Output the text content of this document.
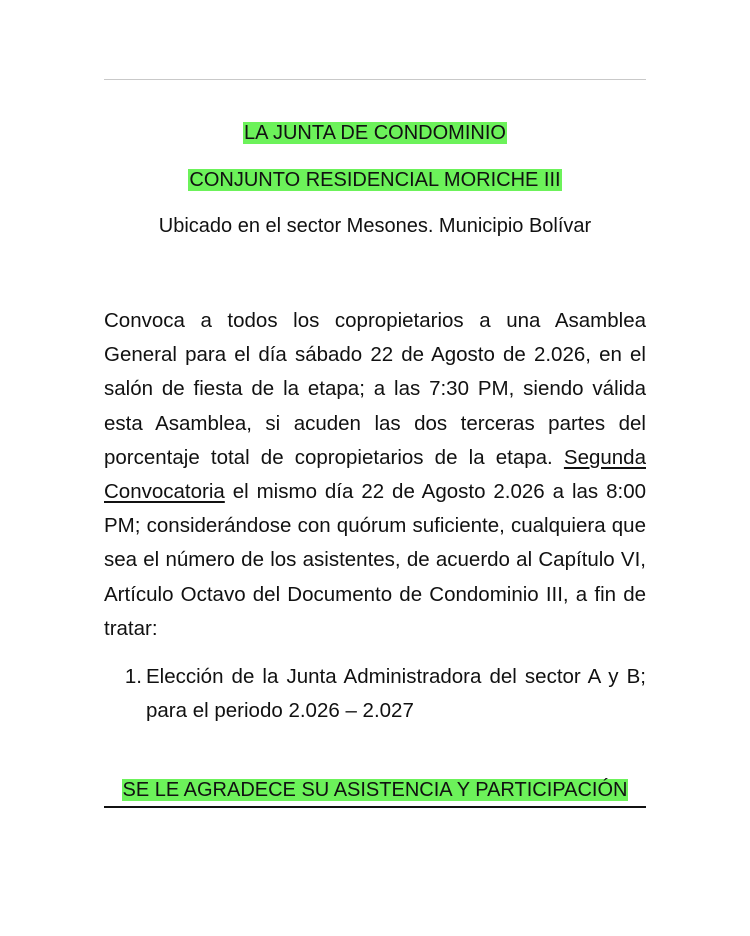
LA JUNTA DE CONDOMINIO
CONJUNTO RESIDENCIAL MORICHE III
Ubicado en el sector Mesones. Municipio Bolívar
Convoca a todos los copropietarios a una Asamblea General para el día sábado 22 de Agosto de 2.026, en el salón de fiesta de la etapa; a las 7:30 PM, siendo válida esta Asamblea, si acuden las dos terceras partes del porcentaje total de copropietarios de la etapa. Segunda Convocatoria el mismo día 22 de Agosto 2.026 a las 8:00 PM; considerándose con quórum suficiente, cualquiera que sea el número de los asistentes, de acuerdo al Capítulo VI, Artículo Octavo del Documento de Condominio III, a fin de tratar:
1. Elección de la Junta Administradora del sector A y B; para el periodo 2.026 – 2.027
SE LE AGRADECE SU ASISTENCIA Y PARTICIPACIÓN
